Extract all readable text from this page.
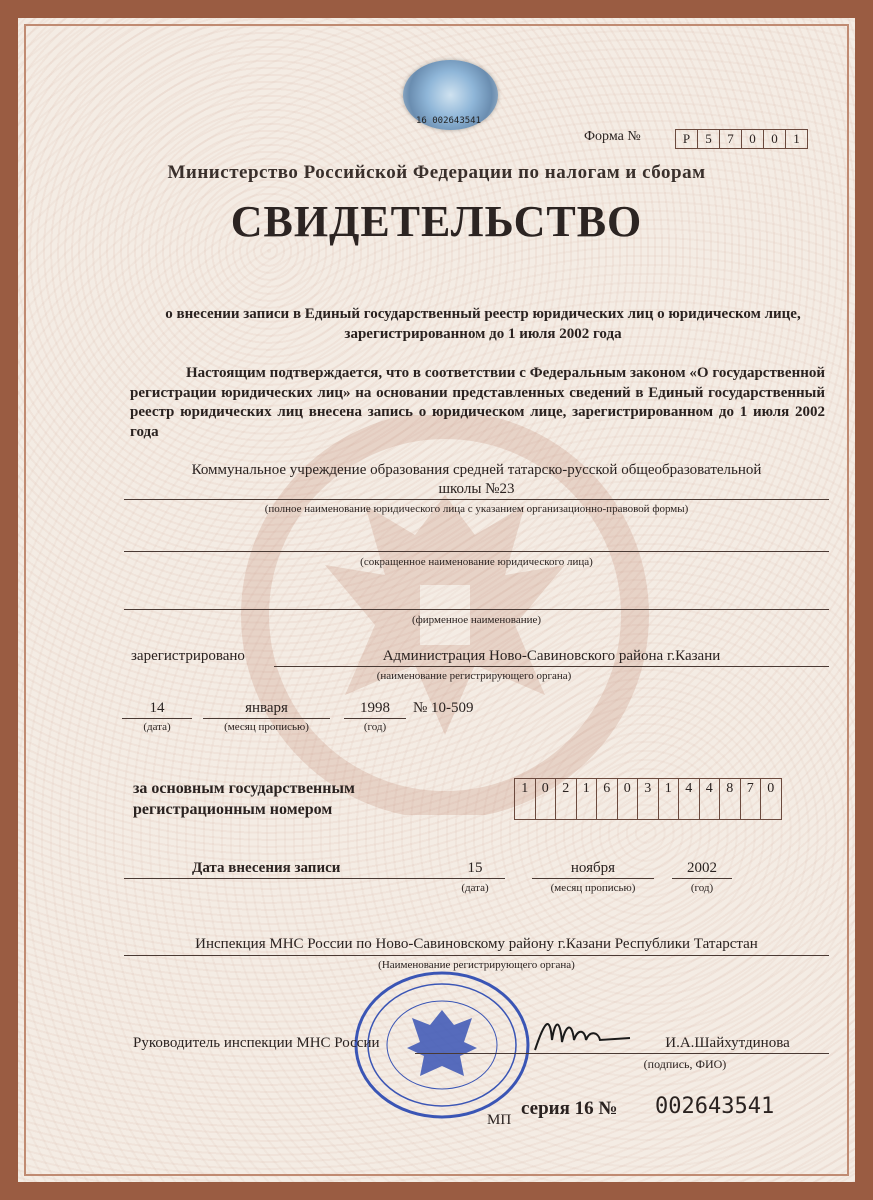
16 002643541
Форма №	Р	5	7	0	0	1
Министерство Российской Федерации по налогам и сборам
СВИДЕТЕЛЬСТВО
о внесении записи в Единый государственный реестр юридических лиц о юридическом лице, зарегистрированном до 1 июля 2002 года
Настоящим подтверждается, что в соответствии с Федеральным законом «О государственной регистрации юридических лиц» на основании представленных сведений в Единый государственный реестр юридических лиц внесена запись о юридическом лице, зарегистрированном до 1 июля 2002 года
Коммунальное учреждение образования средней татарско-русской общеобразовательной
школы №23
(полное наименование юридического лица с указанием организационно-правовой формы)
(сокращенное наименование юридического лица)
(фирменное наименование)
зарегистрировано	Администрация Ново-Савиновского района г.Казани
(наименование регистрирующего органа)
14
(дата)
января
(месяц прописью)
1998
(год)
№ 10-509
за основным государственным
регистрационным номером
1 0 2 1 6 0 3 1 4 4 8 7 0
Дата внесения записи	15
(дата)
ноября
(месяц прописью)
2002
(год)
Инспекция МНС России по Ново-Савиновскому району г.Казани Республики Татарстан
(Наименование регистрирующего органа)
Руководитель инспекции МНС России	И.А.Шайхутдинова
(подпись, ФИО)
МП
серия 16 № 002643541
